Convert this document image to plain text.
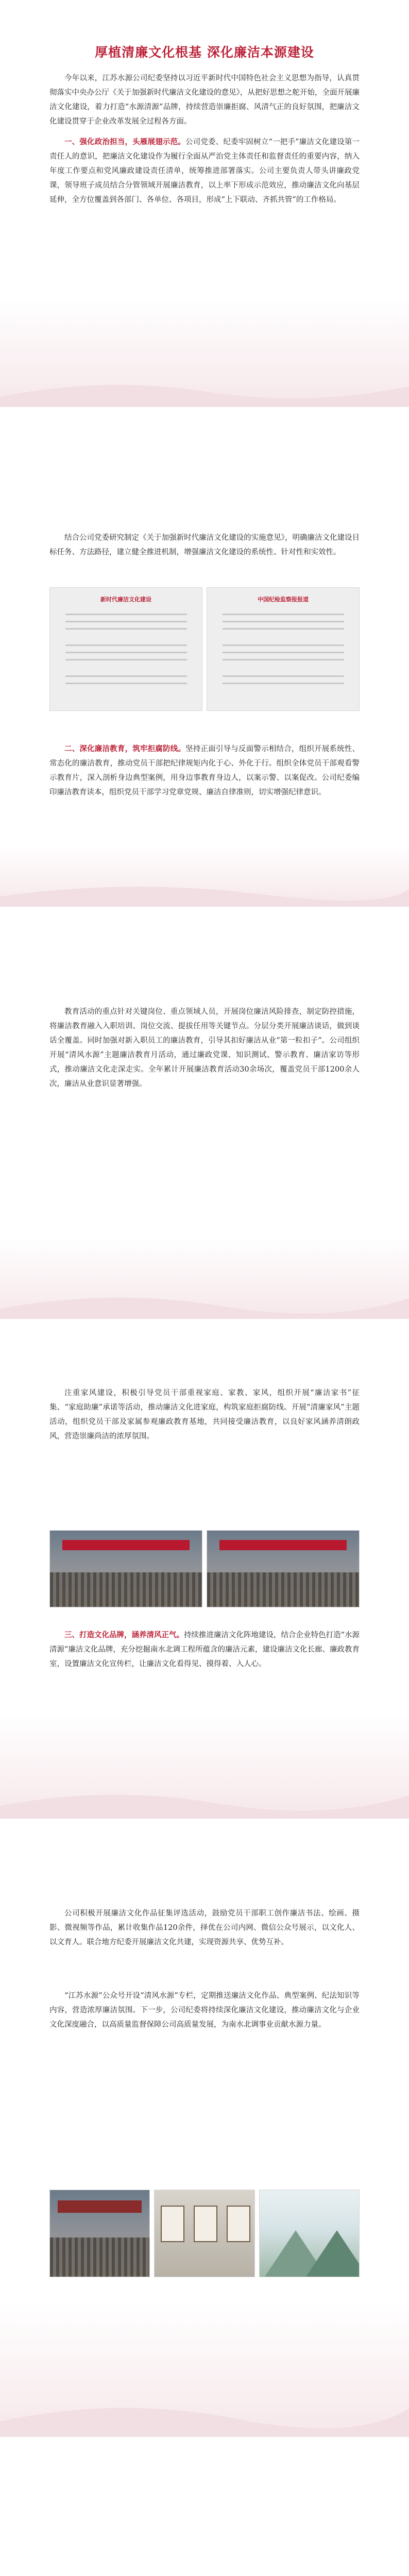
厚植清廉文化根基 深化廉洁本源建设
今年以来，江苏水源公司纪委坚持以习近平新时代中国特色社会主义思想为指导，认真贯彻落实中央办公厅《关于加强新时代廉洁文化建设的意见》，从把好思想之舵开始，全面开展廉洁文化建设，着力打造“水源清源”品牌，持续营造崇廉拒腐、风清气正的良好氛围，把廉洁文化建设贯穿于企业改革发展全过程各方面。
一、强化政治担当，头雁展翅示范。公司党委、纪委牢固树立“一把手”廉洁文化建设第一责任人的意识，把廉洁文化建设作为履行全面从严治党主体责任和监督责任的重要内容，纳入年度工作要点和党风廉政建设责任清单，统筹推进部署落实。公司主要负责人带头讲廉政党课，领导班子成员结合分管领域开展廉洁教育，以上率下形成示范效应，推动廉洁文化向基层延伸，全方位覆盖到各部门、各单位、各项目，形成“上下联动、齐抓共管”的工作格局。
结合公司党委研究制定《关于加强新时代廉洁文化建设的实施意见》，明确廉洁文化建设目标任务、方法路径，建立健全推进机制，增强廉洁文化建设的系统性、针对性和实效性。
新时代廉洁文化建设	中国纪检监察报报道
二、深化廉洁教育，筑牢拒腐防线。坚持正面引导与反面警示相结合，组织开展系统性、常态化的廉洁教育，推动党员干部把纪律规矩内化于心、外化于行。组织全体党员干部观看警示教育片，深入剖析身边典型案例，用身边事教育身边人，以案示警、以案促改。公司纪委编印廉洁教育读本，组织党员干部学习党章党规、廉洁自律准则，切实增强纪律意识。
教育活动的重点针对关键岗位、重点领域人员，开展岗位廉洁风险排查，制定防控措施，将廉洁教育融入入职培训、岗位交流、提拔任用等关键节点。分层分类开展廉洁谈话，做到谈话全覆盖。同时加强对新入职员工的廉洁教育，引导其扣好廉洁从业“第一粒扣子”。公司组织开展“清风水源”主题廉洁教育月活动，通过廉政党课、知识测试、警示教育、廉洁家访等形式，推动廉洁文化走深走实。全年累计开展廉洁教育活动30余场次，覆盖党员干部1200余人次，廉洁从业意识显著增强。
注重家风建设，积极引导党员干部重视家庭、家教、家风，组织开展“廉洁家书”征集、“家庭助廉”承诺等活动，推动廉洁文化进家庭，构筑家庭拒腐防线。开展“清廉家风”主题活动，组织党员干部及家属参观廉政教育基地，共同接受廉洁教育，以良好家风涵养清朗政风，营造崇廉尚洁的浓厚氛围。
三、打造文化品牌，涵养清风正气。持续推进廉洁文化阵地建设，结合企业特色打造“水源清源”廉洁文化品牌，充分挖掘南水北调工程所蕴含的廉洁元素，建设廉洁文化长廊、廉政教育室，设置廉洁文化宣传栏，让廉洁文化看得见、摸得着、入人心。
公司积极开展廉洁文化作品征集评选活动，鼓励党员干部职工创作廉洁书法、绘画、摄影、微视频等作品，累计收集作品120余件，择优在公司内网、微信公众号展示，以文化人、以文育人。联合地方纪委开展廉洁文化共建，实现资源共享、优势互补。
“江苏水源”公众号开设“清风水源”专栏，定期推送廉洁文化作品、典型案例、纪法知识等内容，营造浓厚廉洁氛围。下一步，公司纪委将持续深化廉洁文化建设，推动廉洁文化与企业文化深度融合，以高质量监督保障公司高质量发展，为南水北调事业贡献水源力量。
